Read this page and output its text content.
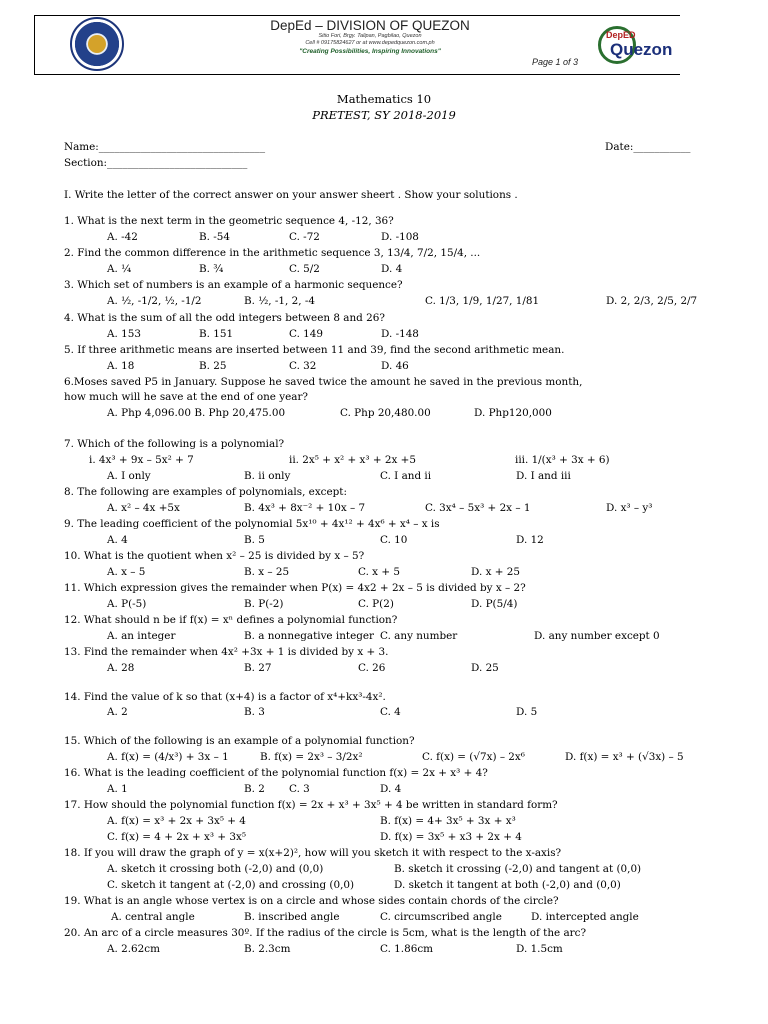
DepEd – DIVISION OF QUEZON
Sitio Fori, Brgy. Talipan, Pagbilao, Quezon
Cell # 09175824627 or at www.depedquezon.com.ph
"Creating Possibilities, Inspiring Innovations"
Page 1 of 3
DepED
Quezon
Mathematics 10
PRETEST, SY 2018-2019
Name:________________________________	Date:___________
Section:___________________________
I. Write the letter of the correct answer on your answer sheert . Show your solutions .
1. What is the next term in the geometric sequence 4, -12, 36?
A. -42	B. -54	C. -72	D. -108
2. Find the common difference in the arithmetic sequence 3, 13/4, 7/2, 15/4, ...
A. ¼	B. ¾	C. 5/2	D. 4
3. Which set of numbers is an example of a harmonic sequence?
A. ½, -1/2, ½, -1/2	B. ½, -1, 2, -4	C. 1/3, 1/9, 1/27, 1/81	D. 2, 2/3, 2/5, 2/7
4. What is the sum of all the odd integers between 8 and 26?
A. 153	B. 151	C. 149	D. -148
5. If three arithmetic means are inserted between 11 and 39, find the second arithmetic mean.
A. 18	B. 25	C. 32	D. 46
6.Moses saved P5 in January. Suppose he saved twice the amount he saved in the previous month,
how much will he save at the end of one year?
A. Php 4,096.00 B. Php 20,475.00	C. Php 20,480.00	D. Php120,000
7. Which of the following is a polynomial?
i. 4x³ + 9x – 5x² + 7	ii. 2x⁵ + x² + x³ + 2x +5	iii. 1/(x³ + 3x + 6)
A. I only	B. ii only	C. I and ii	D. I and iii
8. The following are examples of polynomials, except:
A. x² – 4x +5x	B. 4x³ + 8x⁻² + 10x – 7	C. 3x⁴ – 5x³ + 2x – 1	D. x³ – y³
9. The leading coefficient of the polynomial 5x¹⁰ + 4x¹² + 4x⁶ + x⁴ – x is
A. 4	B. 5	C. 10	D. 12
10. What is the quotient when x² – 25 is divided by x – 5?
A. x – 5	B. x – 25	C. x + 5	D. x + 25
11. Which expression gives the remainder when P(x) = 4x2 + 2x – 5 is divided by x – 2?
A. P(-5)	B. P(-2)	C. P(2)	D. P(5/4)
12. What should n be if f(x) = xⁿ defines a polynomial function?
A. an integer	B. a nonnegative integer C. any number	D. any number except 0
13. Find the remainder when 4x² +3x + 1 is divided by x + 3.
A. 28	B. 27	C. 26	D. 25
14. Find the value of k so that (x+4) is a factor of x⁴+kx³-4x².
A. 2	B. 3	C. 4	D. 5
15. Which of the following is an example of a polynomial function?
A. f(x) = (4/x³) + 3x – 1	B. f(x) = 2x³ – 3/2x²	C. f(x) = (√7x) – 2x⁶	D. f(x) = x³ + (√3x) – 5
16. What is the leading coefficient of the polynomial function f(x) = 2x + x³ + 4?
A. 1	B. 2 C. 3	D. 4
17. How should the polynomial function f(x) = 2x + x³ + 3x⁵ + 4 be written in standard form?
A. f(x) = x³ + 2x + 3x⁵ + 4	B. f(x) = 4+ 3x⁵ + 3x + x³
C. f(x) = 4 + 2x + x³ + 3x⁵	D. f(x) = 3x⁵ + x3 + 2x + 4
18. If you will draw the graph of y = x(x+2)², how will you sketch it with respect to the x-axis?
A. sketch it crossing both (-2,0) and (0,0)	B. sketch it crossing (-2,0) and tangent at (0,0)
C. sketch it tangent at (-2,0) and crossing (0,0)	D. sketch it tangent at both (-2,0) and (0,0)
19. What is an angle whose vertex is on a circle and whose sides contain chords of the circle?
A. central angle	B. inscribed angle	C. circumscribed angle	D. intercepted angle
20. An arc of a circle measures 30º. If the radius of the circle is 5cm, what is the length of the arc?
A. 2.62cm	B. 2.3cm	C. 1.86cm	D. 1.5cm
